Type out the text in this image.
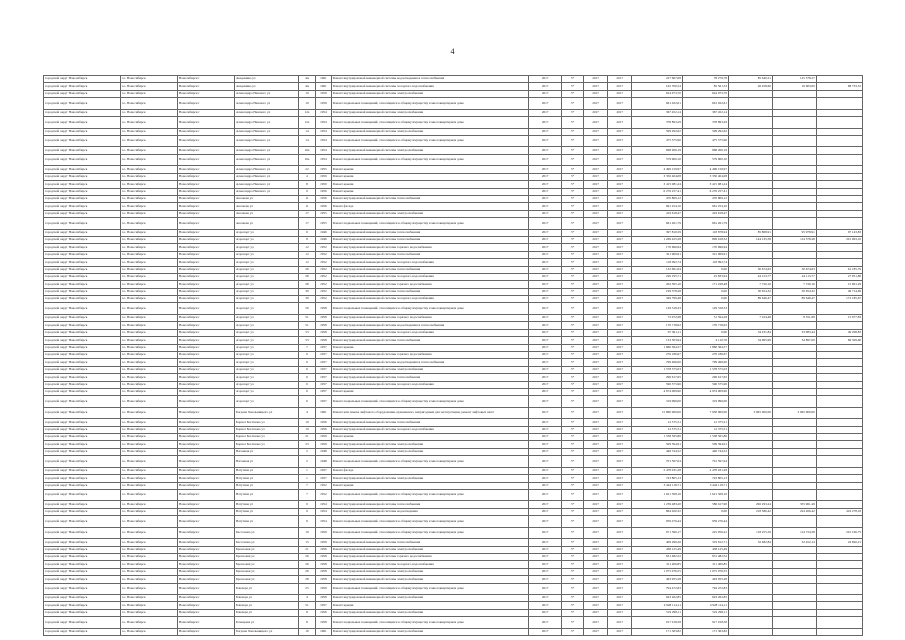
4
городской округ Новосибирск	г.о. Новосибирск	Новосибирск г	Академика ул	4А	1961	Ремонт внутридомовой инженерной системы водоотведения и теплоснабжения	2017	5*	2017	2017	227 667,08	78 279,78	85 640,21	125 578,27	
городской округ Новосибирск	г.о. Новосибирск	Новосибирск г	Академика ул	4А	1961	Ремонт внутридомовой инженерной системы холодного водоснабжения	2017	5*	2017	2017	162 760,54	85 561,33	26 458,60	16 603,00	68 733,52
городской округ Новосибирск	г.о. Новосибирск	Новосибирск г	Александра Невского ул	10	1959	Ремонт внутридомовой инженерной системы электроснабжения	2017	5*	2017	2017	624 073,70	624 073,70			
городской округ Новосибирск	г.о. Новосибирск	Новосибирск г	Александра Невского ул	10	1959	Ремонт подвальных помещений, относящихся к общему имуществу в многоквартирном доме	2017	5*	2017	2017	661 022,61	661 022,61			
городской округ Новосибирск	г.о. Новосибирск	Новосибирск г	Александра Невского ул	12а	1954	Ремонт внутридомовой инженерной системы электроснабжения	2017	5*	2017	2017	367 452,14	367 452,14			
городской округ Новосибирск	г.о. Новосибирск	Новосибирск г	Александра Невского ул	12а	1954	Ремонт подвальных помещений, относящихся к общему имуществу в многоквартирном доме	2017	5*	2017	2017	378 893,29	378 893,29			
городской округ Новосибирск	г.о. Новосибирск	Новосибирск г	Александра Невского ул	14	1954	Ремонт внутридомовой инженерной системы электроснабжения	2017	5*	2017	2017	509 292,62	509 292,62			
городской округ Новосибирск	г.о. Новосибирск	Новосибирск г	Александра Невского ул	14	1954	Ремонт подвальных помещений, относящихся к общему имуществу в многоквартирном доме	2017	5*	2017	2017	475 575,90	475 575,90			
городской округ Новосибирск	г.о. Новосибирск	Новосибирск г	Александра Невского ул	16а	1954	Ремонт внутридомовой инженерной системы электроснабжения	2017	5*	2017	2017	668 206,19	668 206,19			
городской округ Новосибирск	г.о. Новосибирск	Новосибирск г	Александра Невского ул	16а	1954	Ремонт подвальных помещений, относящихся к общему имуществу в многоквартирном доме	2017	5*	2017	2017	579 900,10	579 900,10			
городской округ Новосибирск	г.о. Новосибирск	Новосибирск г	Александра Невского ул	22	1955	Ремонт крыши	2017	5*	2017	2017	4 496 159,97	4 496 159,97			
городской округ Новосибирск	г.о. Новосибирск	Новосибирск г	Александра Невского ул	4	1950	Ремонт крыши	2017	5*	2017	2017	3 350 404,08	3 350 404,08			
городской округ Новосибирск	г.о. Новосибирск	Новосибирск г	Александра Невского ул	8	1950	Ремонт крыши	2017	5*	2017	2017	3 415 081,24	3 415 081,24			
городской округ Новосибирск	г.о. Новосибирск	Новосибирск г	Александра Невского ул	9	1956	Ремонт крыши	2017	5*	2017	2017	6 276 257,41	6 276 257,41			
городской округ Новосибирск	г.о. Новосибирск	Новосибирск г	Аксакова ул	11	1956	Ремонт внутридомовой инженерной системы теплоснабжения	2017	5*	2017	2017	470 809,12	470 809,12			
городской округ Новосибирск	г.о. Новосибирск	Новосибирск г	Аксакова ул	11	1956	Ремонт фасада	2017	5*	2017	2017	961 254,10	961 254,10			
городской округ Новосибирск	г.о. Новосибирск	Новосибирск г	Аксакова ул	17	1955	Ремонт внутридомовой инженерной системы электроснабжения	2017	5*	2017	2017	419 618,47	419 618,47			
городской округ Новосибирск	г.о. Новосибирск	Новосибирск г	Аксакова ул	17	1955	Ремонт подвальных помещений, относящихся к общему имуществу в многоквартирном доме	2017	5*	2017	2017	661 261,79	661 261,79			
городской округ Новосибирск	г.о. Новосибирск	Новосибирск г	Аэропорт ул	6	1946	Ремонт внутридомовой инженерной системы теплоснабжения	2017	5*	2017	2017	397 810,59	118 878,94	85 808,91	95 978,91	97 143,83
городской округ Новосибирск	г.о. Новосибирск	Новосибирск г	Аэропорт ул	8	1946	Ремонт внутридомовой инженерной системы теплоснабжения	2017	5*	2017	2017	1 269 425,28	809 618,32	144 135,58	114 578,28	201 093,10
городской округ Новосибирск	г.о. Новосибирск	Новосибирск г	Аэропорт ул	12	1952	Ремонт внутридомовой инженерной системы горячего водоснабжения	2017	5*	2017	2017	170 696,94	170 696,94			
городской округ Новосибирск	г.о. Новосибирск	Новосибирск г	Аэропорт ул	12	1952	Ремонт внутридомовой инженерной системы теплоснабжения	2017	5*	2017	2017	321 969,91	321 969,91			
городской округ Новосибирск	г.о. Новосибирск	Новосибирск г	Аэропорт ул	12	1952	Ремонт внутридомовой инженерной системы холодного водоснабжения	2017	5*	2017	2017	118 092,74	118 092,74			
городской округ Новосибирск	г.о. Новосибирск	Новосибирск г	Аэропорт ул	26	1952	Ремонт внутридомовой инженерной системы теплоснабжения	2017	5*	2017	2017	132 691,64	0,00	30 674,63	30 674,63	61 185,79
городской округ Новосибирск	г.о. Новосибирск	Новосибирск г	Аэропорт ул	28	1952	Ремонт внутридомовой инженерной системы холодного водоснабжения	2017	5*	2017	2017	226 195,71	25 833,94	44 123,77	44 113,77	27 951,86
городской округ Новосибирск	г.о. Новосибирск	Новосибирск г	Аэропорт ул	28	1952	Ремонт внутридомовой инженерной системы горячего водоснабжения	2017	5*	2017	2017	202 395,10	171 228,48	7 720,16	7 720,16	15 691,29
городской округ Новосибирск	г.о. Новосибирск	Новосибирск г	Аэропорт ул	30	1952	Ремонт внутридомовой инженерной системы теплоснабжения	2017	5*	2017	2017	199 378,28	0,00	50 654,32	50 654,32	49 714,69
городской округ Новосибирск	г.о. Новосибирск	Новосибирск г	Аэропорт ул	30	1952	Ремонт внутридомовой инженерной системы холодного водоснабжения	2017	5*	2017	2017	349 799,48	0,00	89 646,47	89 646,47	172 185,67
городской округ Новосибирск	г.о. Новосибирск	Новосибирск г	Аэропорт ул	50	1958	Ремонт подвальных помещений, относящихся к общему имуществу в многоквартирном доме	2017	5*	2017	2017	129 318,33	129 318,33			
городской округ Новосибирск	г.о. Новосибирск	Новосибирск г	Аэропорт ул	51	1958	Ремонт внутридомовой инженерной системы горячего водоснабжения	2017	5*	2017	2017	72 972,08	51 594,28	7 224,48	8 351,68	15 677,83
городской округ Новосибирск	г.о. Новосибирск	Новосибирск г	Аэропорт ул	51	1958	Ремонт внутридомовой инженерной системы водоотведения и теплоснабжения	2017	5*	2017	2017	170 718,02	170 718,02			
городской округ Новосибирск	г.о. Новосибирск	Новосибирск г	Аэропорт ул	53	1958	Ремонт внутридомовой инженерной системы холодного водоснабжения	2017	5*	2017	2017	97 361,11	0,00	34 231,84	33 983,44	49 298,83
городской округ Новосибирск	г.о. Новосибирск	Новосибирск г	Аэропорт ул	53	1958	Ремонт внутридомовой инженерной системы теплоснабжения	2017	5*	2017	2017	133 503,94	4 110,76	34 695,99	34 897,09	69 509,60
городской округ Новосибирск	г.о. Новосибирск	Новосибирск г	Аэропорт ул	7	1957	Ремонт крыши	2017	5*	2017	2017	1 860 364,57	1 860 364,57			
городской округ Новосибирск	г.о. Новосибирск	Новосибирск г	Аэропорт ул	6	1957	Ремонт внутридомовой инженерной системы горячего водоснабжения	2017	5*	2017	2017	270 186,67	270 186,67			
городской округ Новосибирск	г.о. Новосибирск	Новосибирск г	Аэропорт ул	6	1957	Ремонт внутридомовой инженерной системы водоотведения и теплоснабжения	2017	5*	2017	2017	799 496,00	799 496,00			
городской округ Новосибирск	г.о. Новосибирск	Новосибирск г	Аэропорт ул	6	1957	Ремонт внутридомовой инженерной системы электроснабжения	2017	5*	2017	2017	1 578 575,03	1 578 575,03			
городской округ Новосибирск	г.о. Новосибирск	Новосибирск г	Аэропорт ул	6	1957	Ремонт внутридомовой инженерной системы теплоснабжения	2017	5*	2017	2017	296 617,65	296 617,65			
городской округ Новосибирск	г.о. Новосибирск	Новосибирск г	Аэропорт ул	6	1957	Ремонт внутридомовой инженерной системы холодного водоснабжения	2017	5*	2017	2017	596 575,96	596 575,96			
городской округ Новосибирск	г.о. Новосибирск	Новосибирск г	Аэропорт ул	6	1957	Ремонт крыши	2017	5*	2017	2017	4 974 009,90	4 974 009,90			
городской округ Новосибирск	г.о. Новосибирск	Новосибирск г	Аэропорт ул	6	1957	Ремонт подвальных помещений, относящихся к общему имуществу в многоквартирном доме	2017	5*	2017	2017	319 996,00	319 996,00			
городской округ Новосибирск	г.о. Новосибирск	Новосибирск г	Богдана Хмельницкого ул	4	1961	Ремонт или замена лифтового оборудования, признанного непригодным для эксплуатации, ремонт лифтовых шахт	2017	5*	2017	2017	15 860 000,00	7 930 000,00	3 965 000,00	3 965 000,00	
городской округ Новосибирск	г.о. Новосибирск	Новосибирск г	Бориса Богаткова ул	10	1956	Ремонт внутридомовой инженерной системы теплоснабжения	2017	5*	2017	2017	12 375,51	12 375,51			
городской округ Новосибирск	г.о. Новосибирск	Новосибирск г	Бориса Богаткова ул	10	1956	Ремонт внутридомовой инженерной системы холодного водоснабжения	2017	5*	2017	2017	12 375,51	12 375,51			
городской округ Новосибирск	г.о. Новосибирск	Новосибирск г	Бориса Богаткова ул	21	1959	Ремонт крыши	2017	5*	2017	2017	1 538 565,86	1 538 565,86			
городской округ Новосибирск	г.о. Новосибирск	Новосибирск г	Бориса Богаткова ул	23	1959	Ремонт внутридомовой инженерной системы электроснабжения	2017	5*	2017	2017	509 394,91	509 394,91			
городской округ Новосибирск	г.о. Новосибирск	Новосибирск г	Вагонная ул	2	1948	Ремонт внутридомовой инженерной системы электроснабжения	2017	5*	2017	2017	446 744,52	446 744,52			
городской округ Новосибирск	г.о. Новосибирск	Новосибирск г	Вагонная ул	2	1948	Ремонт подвальных помещений, относящихся к общему имуществу в многоквартирном доме	2017	5*	2017	2017	701 597,04	701 597,04			
городской округ Новосибирск	г.о. Новосибирск	Новосибирск г	Ватутина ул	1	1957	Ремонт фасада	2017	5*	2017	2017	2 478 031,28	2 478 031,28			
городской округ Новосибирск	г.о. Новосибирск	Новосибирск г	Ватутина ул	1	1957	Ремонт внутридомовой инженерной системы электроснабжения	2017	5*	2017	2017	743 805,13	743 805,13			
городской округ Новосибирск	г.о. Новосибирск	Новосибирск г	Ватутина ул	7	1952	Ремонт крыши	2017	5*	2017	2017	3 444 118,71	3 444 118,71			
городской округ Новосибирск	г.о. Новосибирск	Новосибирск г	Ватутина ул	7	1952	Ремонт подвальных помещений, относящихся к общему имуществу в многоквартирном доме	2017	5*	2017	2017	1 621 508,16	1 621 508,16			
городской округ Новосибирск	г.о. Новосибирск	Новосибирск г	Ватутина ул	9	1954	Ремонт внутридомовой инженерной системы теплоснабжения	2017	5*	2017	2017	1 239 483,20	586 617,90	296 293,24	355 961,49	
городской округ Новосибирск	г.о. Новосибирск	Новосибирск г	Ватутина ул	9	1954	Ремонт внутридомовой инженерной системы водоотведения	2017	5*	2017	2017	864 020,32	0,00	218 586,42	224 206,42	416 278,18
городской округ Новосибирск	г.о. Новосибирск	Новосибирск г	Ватутина ул	9	1954	Ремонт подвальных помещений, относящихся к общему имуществу в многоквартирном доме	2017	5*	2017	2017	959 276,44	959 276,44			
городской округ Новосибирск	г.о. Новосибирск	Новосибирск г	Бессонова ул	10	1959	Ремонт подвальных помещений, относящихся к общему имуществу в многоквартирном доме	2017	5*	2017	2017	671 590,17	225 956,22	118 255,59	114 724,58	222 196,75
городской округ Новосибирск	г.о. Новосибирск	Новосибирск г	Бессонова ул	15	1959	Ремонт внутридомовой инженерной системы теплоснабжения	2017	5*	2017	2017	409 296,26	319 812,71	32 482,84	32 452,14	24 820,21
городской округ Новосибирск	г.о. Новосибирск	Новосибирск г	Бронзовая ул	21	1956	Ремонт внутридомовой инженерной системы электроснабжения	2017	5*	2017	2017	438 125,49	438 125,49			
городской округ Новосибирск	г.о. Новосибирск	Новосибирск г	Бронзовая ул	26	1958	Ремонт внутридомовой инженерной системы горячего водоснабжения	2017	5*	2017	2017	631 482,52	631 482,52			
городской округ Новосибирск	г.о. Новосибирск	Новосибирск г	Бронзовая ул	26	1958	Ремонт внутридомовой инженерной системы холодного водоснабжения	2017	5*	2017	2017	311 406,85	311 406,85			
городской округ Новосибирск	г.о. Новосибирск	Новосибирск г	Бронзовая ул	26	1958	Ремонт внутридомовой инженерной системы электроснабжения	2017	5*	2017	2017	1 075 076,55	1 075 076,55			
городской округ Новосибирск	г.о. Новосибирск	Новосибирск г	Бронзовая ул	28	1958	Ремонт внутридомовой инженерной системы электроснабжения	2017	5*	2017	2017	493 955,28	493 955,28			
городской округ Новосибирск	г.о. Новосибирск	Новосибирск г	Блюхера ул	25	1959	Ремонт подвальных помещений, относящихся к общему имуществу в многоквартирном доме	2017	5*	2017	2017	794 472,83	794 472,83			
городской округ Новосибирск	г.о. Новосибирск	Новосибирск г	Блюхера ул	4	1958	Ремонт внутридомовой инженерной системы электроснабжения	2017	5*	2017	2017	643 262,85	643 262,85			
городской округ Новосибирск	г.о. Новосибирск	Новосибирск г	Блюхера ул	51	1957	Ремонт крыши	2017	5*	2017	2017	4 928 114,11	4 928 114,11			
городской округ Новосибирск	г.о. Новосибирск	Новосибирск г	Блюхера ул	8	1956	Ремонт внутридомовой инженерной системы электроснабжения	2017	5*	2017	2017	519 298,11	519 298,11			
городской округ Новосибирск	г.о. Новосибирск	Новосибирск г	Бочкарева ул	8	1958	Ремонт подвальных помещений, относящихся к общему имуществу в многоквартирном доме	2017	5*	2017	2017	917 018,58	917 018,58			
городской округ Новосибирск	г.о. Новосибирск	Новосибирск г	Богдана Хмельницкого ул	16	1961	Ремонт внутридомовой инженерной системы электроснабжения	2017	5*	2017	2017	171 363,82	171 363,82			
